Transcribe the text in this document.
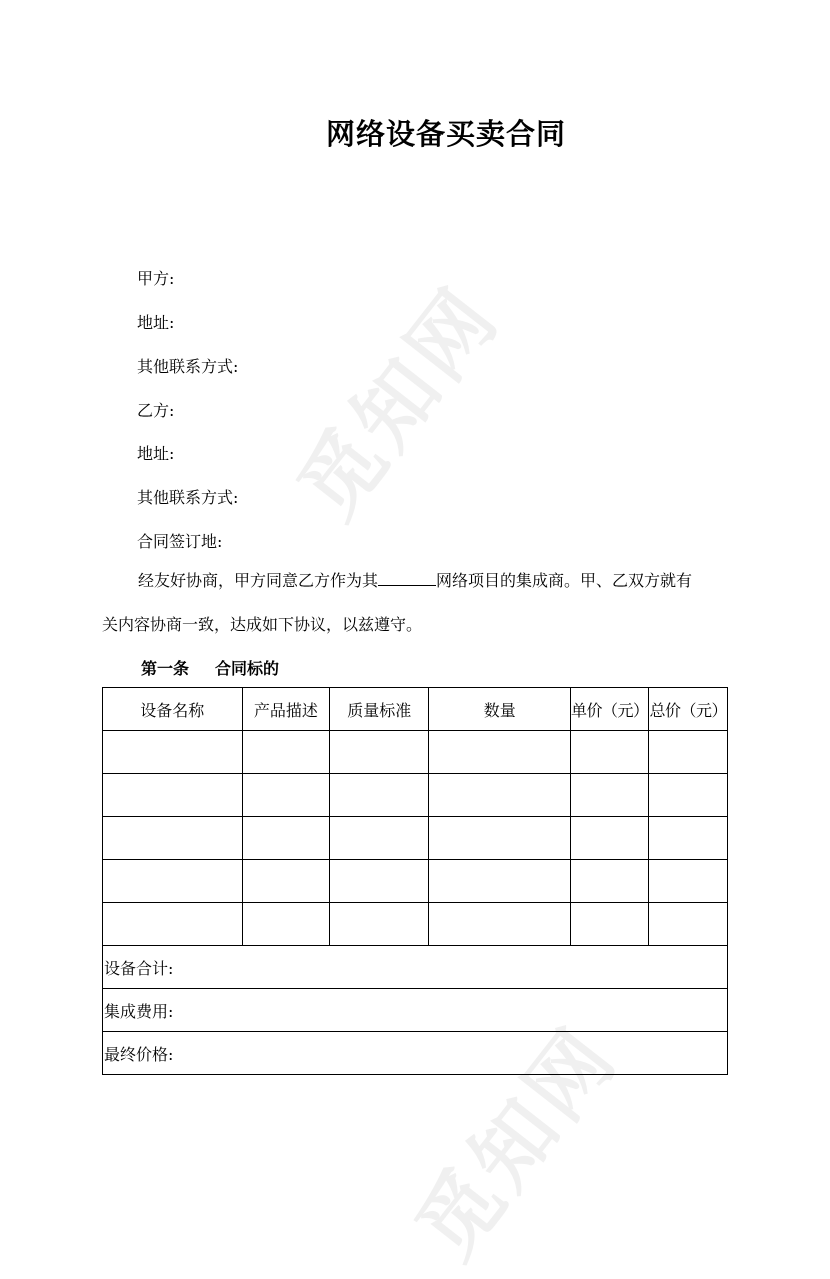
觅知网
觅知网
网络设备买卖合同
甲方:
地址:
其他联系方式:
乙方:
地址:
其他联系方式:
合同签订地:
经友好协商，甲方同意乙方作为其	网络项目的集成商。甲、乙双方就有
关内容协商一致，达成如下协议，以兹遵守。
第一条 合同标的
设备名称	产品描述	质量标准	数量	单价（元）	总价（元）

设备合计:					
集成费用:					
最终价格:					
